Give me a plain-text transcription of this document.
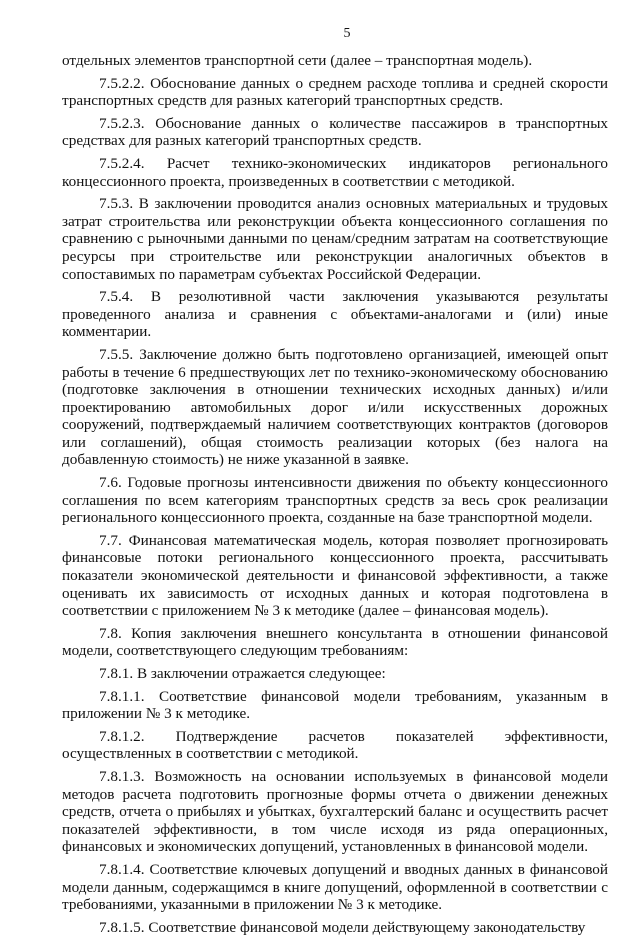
5

отдельных элементов транспортной сети (далее – транспортная модель).

7.5.2.2. Обоснование данных о среднем расходе топлива и средней скорости транспортных средств для разных категорий транспортных средств.

7.5.2.3. Обоснование данных о количестве пассажиров в транспортных средствах для разных категорий транспортных средств.

7.5.2.4. Расчет технико-экономических индикаторов регионального концессионного проекта, произведенных в соответствии с методикой.

7.5.3. В заключении проводится анализ основных материальных и трудовых затрат строительства или реконструкции объекта концессионного соглашения по сравнению с рыночными данными по ценам/средним затратам на соответствующие ресурсы при строительстве или реконструкции аналогичных объектов в сопоставимых по параметрам субъектах Российской Федерации.

7.5.4. В резолютивной части заключения указываются результаты проведенного анализа и сравнения с объектами-аналогами и (или) иные комментарии.

7.5.5. Заключение должно быть подготовлено организацией, имеющей опыт работы в течение 6 предшествующих лет по технико-экономическому обоснованию (подготовке заключения в отношении технических исходных данных) и/или проектированию автомобильных дорог и/или искусственных дорожных сооружений, подтверждаемый наличием соответствующих контрактов (договоров или соглашений), общая стоимость реализации которых (без налога на добавленную стоимость) не ниже указанной в заявке.

7.6. Годовые прогнозы интенсивности движения по объекту концессионного соглашения по всем категориям транспортных средств за весь срок реализации регионального концессионного проекта, созданные на базе транспортной модели.

7.7. Финансовая математическая модель, которая позволяет прогнозировать финансовые потоки регионального концессионного проекта, рассчитывать показатели экономической деятельности и финансовой эффективности, а также оценивать их зависимость от исходных данных и которая подготовлена в соответствии с приложением № 3 к методике (далее – финансовая модель).

7.8. Копия заключения внешнего консультанта в отношении финансовой модели, соответствующего следующим требованиям:

7.8.1. В заключении отражается следующее:

7.8.1.1. Соответствие финансовой модели требованиям, указанным в приложении № 3 к методике.

7.8.1.2. Подтверждение расчетов показателей эффективности, осуществленных в соответствии с методикой.

7.8.1.3. Возможность на основании используемых в финансовой модели методов расчета подготовить прогнозные формы отчета о движении денежных средств, отчета о прибылях и убытках, бухгалтерский баланс и осуществить расчет показателей эффективности, в том числе исходя из ряда операционных, финансовых и экономических допущений, установленных в финансовой модели.

7.8.1.4. Соответствие ключевых допущений и вводных данных в финансовой модели данным, содержащимся в книге допущений, оформленной в соответствии с требованиями, указанными в приложении № 3 к методике.

7.8.1.5. Соответствие финансовой модели действующему законодательству
